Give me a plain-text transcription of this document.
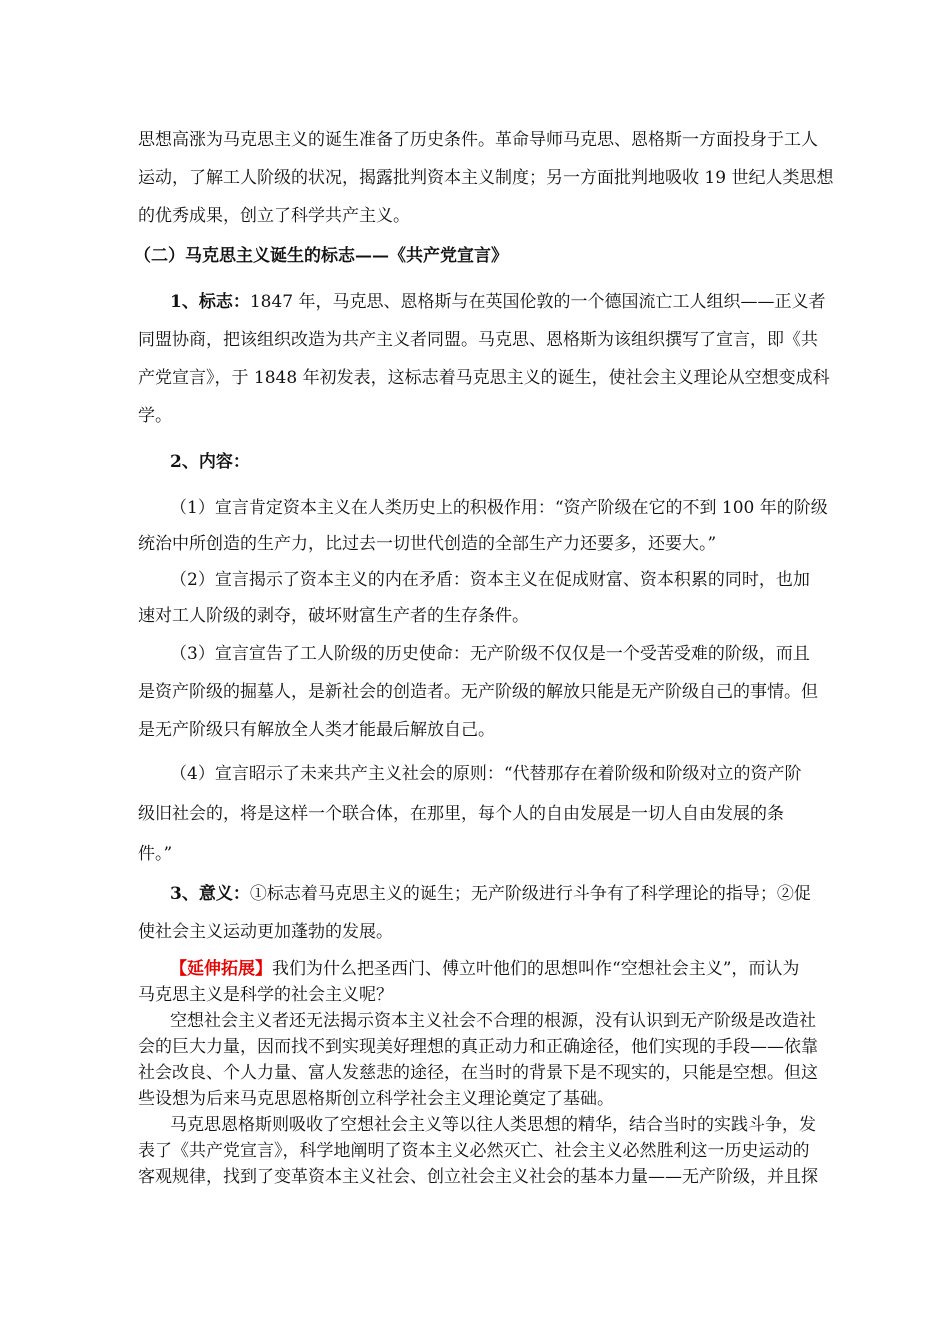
思想高涨为马克思主义的诞生准备了历史条件。革命导师马克思、恩格斯一方面投身于工人
运动，了解工人阶级的状况，揭露批判资本主义制度；另一方面批判地吸收 19 世纪人类思想
的优秀成果，创立了科学共产主义。
（二）马克思主义诞生的标志——《共产党宣言》
1、标志：1847 年，马克思、恩格斯与在英国伦敦的一个德国流亡工人组织——正义者
同盟协商，把该组织改造为共产主义者同盟。马克思、恩格斯为该组织撰写了宣言，即《共
产党宣言》，于 1848 年初发表，这标志着马克思主义的诞生，使社会主义理论从空想变成科
学。
2、内容：
（1）宣言肯定资本主义在人类历史上的积极作用：“资产阶级在它的不到 100 年的阶级
统治中所创造的生产力，比过去一切世代创造的全部生产力还要多，还要大。”
（2）宣言揭示了资本主义的内在矛盾：资本主义在促成财富、资本积累的同时，也加
速对工人阶级的剥夺，破坏财富生产者的生存条件。
（3）宣言宣告了工人阶级的历史使命：无产阶级不仅仅是一个受苦受难的阶级，而且
是资产阶级的掘墓人，是新社会的创造者。无产阶级的解放只能是无产阶级自己的事情。但
是无产阶级只有解放全人类才能最后解放自己。
（4）宣言昭示了未来共产主义社会的原则：“代替那存在着阶级和阶级对立的资产阶
级旧社会的，将是这样一个联合体，在那里，每个人的自由发展是一切人自由发展的条
件。”
3、意义：①标志着马克思主义的诞生；无产阶级进行斗争有了科学理论的指导；②促
使社会主义运动更加蓬勃的发展。
【延伸拓展】我们为什么把圣西门、傅立叶他们的思想叫作“空想社会主义”，而认为
马克思主义是科学的社会主义呢？
空想社会主义者还无法揭示资本主义社会不合理的根源，没有认识到无产阶级是改造社
会的巨大力量，因而找不到实现美好理想的真正动力和正确途径，他们实现的手段——依靠
社会改良、个人力量、富人发慈悲的途径，在当时的背景下是不现实的，只能是空想。但这
些设想为后来马克思恩格斯创立科学社会主义理论奠定了基础。
马克思恩格斯则吸收了空想社会主义等以往人类思想的精华，结合当时的实践斗争，发
表了《共产党宣言》，科学地阐明了资本主义必然灭亡、社会主义必然胜利这一历史运动的
客观规律，找到了变革资本主义社会、创立社会主义社会的基本力量——无产阶级，并且探
